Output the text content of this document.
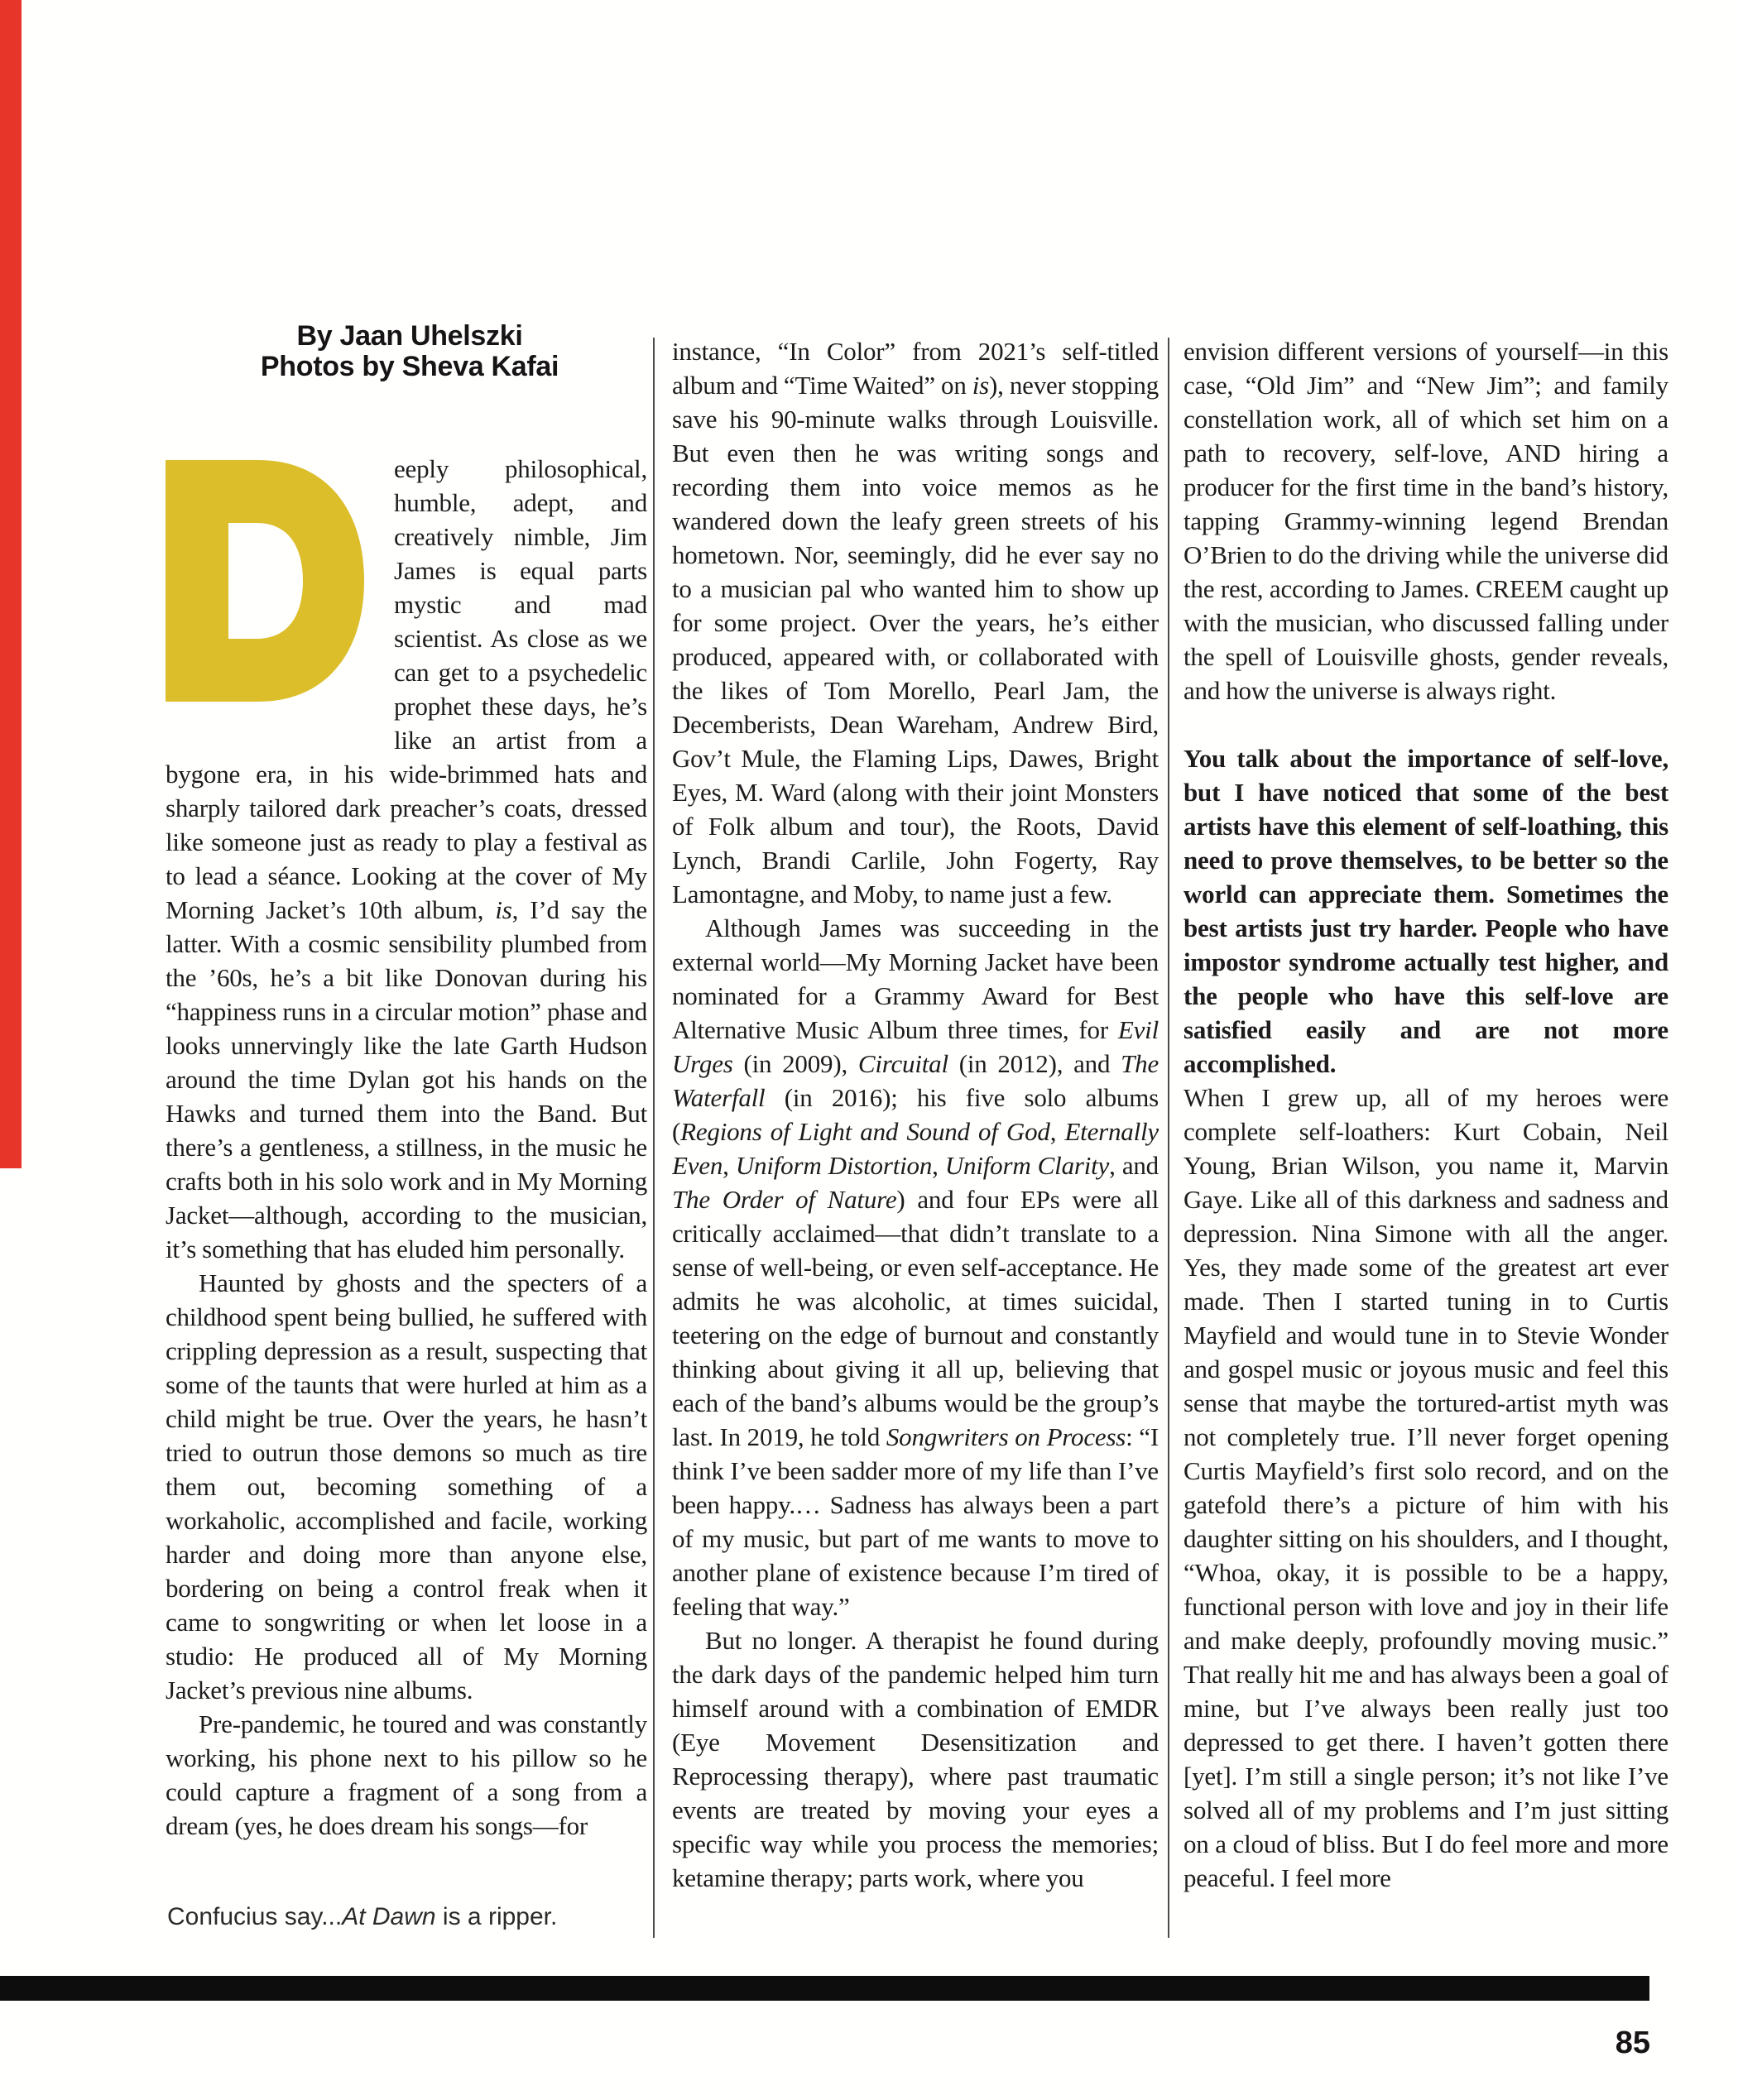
By Jaan Uhelszki
Photos by Sheva Kafai

eeply philosophical, humble, adept, and creatively nimble, Jim James is equal parts mystic and mad scientist. As close as we can get to a psychedelic prophet these days, he’s like an artist from a bygone era, in his wide-brimmed hats and sharply tailored dark preacher’s coats, dressed like someone just as ready to play a festival as to lead a séance. Looking at the cover of My Morning Jacket’s 10th album, is, I’d say the latter. With a cosmic sensibility plumbed from the ’60s, he’s a bit like Donovan during his “happiness runs in a circular motion” phase and looks unnervingly like the late Garth Hudson around the time Dylan got his hands on the Hawks and turned them into the Band. But there’s a gentleness, a stillness, in the music he crafts both in his solo work and in My Morning Jacket—although, according to the musician, it’s something that has eluded him personally.

Haunted by ghosts and the specters of a childhood spent being bullied, he suffered with crippling depression as a result, suspecting that some of the taunts that were hurled at him as a child might be true. Over the years, he hasn’t tried to outrun those demons so much as tire them out, becoming something of a workaholic, accomplished and facile, working harder and doing more than anyone else, bordering on being a control freak when it came to songwriting or when let loose in a studio: He produced all of My Morning Jacket’s previous nine albums.

Pre-pandemic, he toured and was constantly working, his phone next to his pillow so he could capture a fragment of a song from a dream (yes, he does dream his songs—for

instance, “In Color” from 2021’s self-titled album and “Time Waited” on is), never stopping save his 90-minute walks through Louisville. But even then he was writing songs and recording them into voice memos as he wandered down the leafy green streets of his hometown. Nor, seemingly, did he ever say no to a musician pal who wanted him to show up for some project. Over the years, he’s either produced, appeared with, or collaborated with the likes of Tom Morello, Pearl Jam, the Decemberists, Dean Wareham, Andrew Bird, Gov’t Mule, the Flaming Lips, Dawes, Bright Eyes, M. Ward (along with their joint Monsters of Folk album and tour), the Roots, David Lynch, Brandi Carlile, John Fogerty, Ray Lamontagne, and Moby, to name just a few.

Although James was succeeding in the external world—My Morning Jacket have been nominated for a Grammy Award for Best Alternative Music Album three times, for Evil Urges (in 2009), Circuital (in 2012), and The Waterfall (in 2016); his five solo albums (Regions of Light and Sound of God, Eternally Even, Uniform Distortion, Uniform Clarity, and The Order of Nature) and four EPs were all critically acclaimed—that didn’t translate to a sense of well-being, or even self-acceptance. He admits he was alcoholic, at times suicidal, teetering on the edge of burnout and constantly thinking about giving it all up, believing that each of the band’s albums would be the group’s last. In 2019, he told Songwriters on Process: “I think I’ve been sadder more of my life than I’ve been happy.… Sadness has always been a part of my music, but part of me wants to move to another plane of existence because I’m tired of feeling that way.”

But no longer. A therapist he found during the dark days of the pandemic helped him turn himself around with a combination of EMDR (Eye Movement Desensitization and Reprocessing therapy), where past traumatic events are treated by moving your eyes a specific way while you process the memories; ketamine therapy; parts work, where you

envision different versions of yourself—in this case, “Old Jim” and “New Jim”; and family constellation work, all of which set him on a path to recovery, self-love, AND hiring a producer for the first time in the band’s history, tapping Grammy-winning legend Brendan O’Brien to do the driving while the universe did the rest, according to James. CREEM caught up with the musician, who discussed falling under the spell of Louisville ghosts, gender reveals, and how the universe is always right.

You talk about the importance of self-love, but I have noticed that some of the best artists have this element of self-loathing, this need to prove themselves, to be better so the world can appreciate them. Sometimes the best artists just try harder. People who have impostor syndrome actually test higher, and the people who have this self-love are satisfied easily and are not more accomplished.

When I grew up, all of my heroes were complete self-loathers: Kurt Cobain, Neil Young, Brian Wilson, you name it, Marvin Gaye. Like all of this darkness and sadness and depression. Nina Simone with all the anger. Yes, they made some of the greatest art ever made. Then I started tuning in to Curtis Mayfield and would tune in to Stevie Wonder and gospel music or joyous music and feel this sense that maybe the tortured-artist myth was not completely true. I’ll never forget opening Curtis Mayfield’s first solo record, and on the gatefold there’s a picture of him with his daughter sitting on his shoulders, and I thought, “Whoa, okay, it is possible to be a happy, functional person with love and joy in their life and make deeply, profoundly moving music.” That really hit me and has always been a goal of mine, but I’ve always been really just too depressed to get there. I haven’t gotten there [yet]. I’m still a single person; it’s not like I’ve solved all of my problems and I’m just sitting on a cloud of bliss. But I do feel more and more peaceful. I feel more

Confucius say...At Dawn is a ripper.
85
